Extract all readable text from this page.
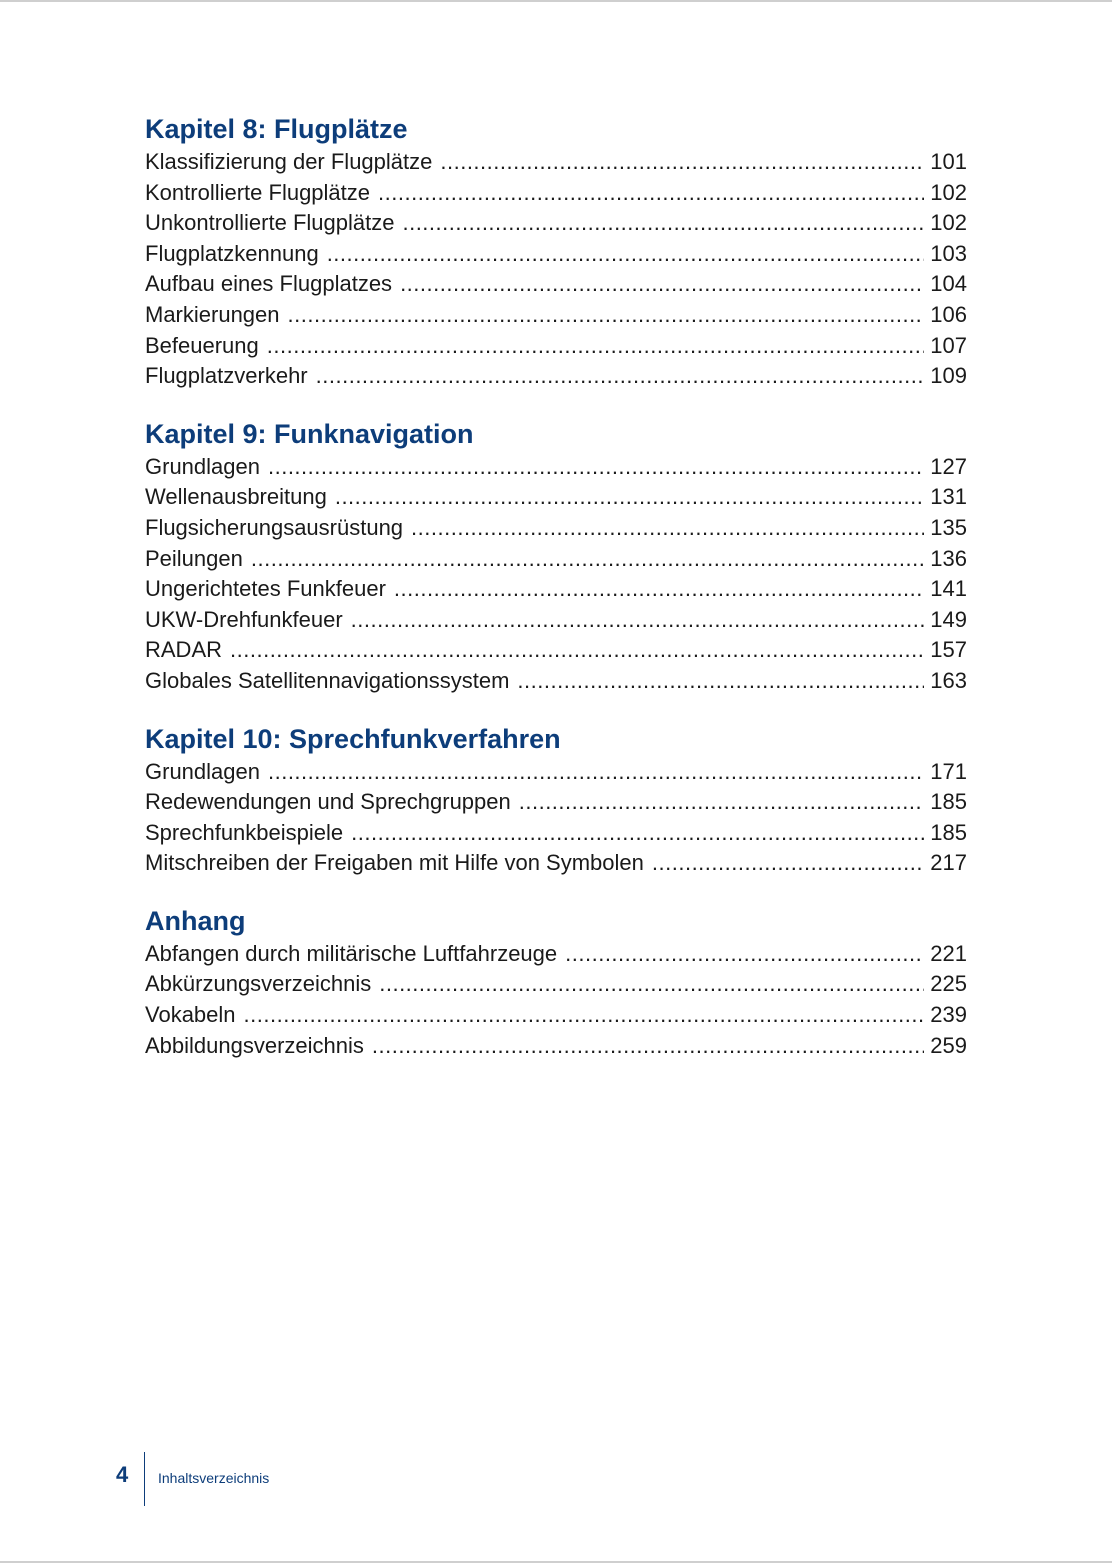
Kapitel 8: Flugplätze
Klassifizierung der Flugplätze .....	101
Kontrollierte Flugplätze .....	102
Unkontrollierte Flugplätze .....	102
Flugplatzkennung .....	103
Aufbau eines Flugplatzes .....	104
Markierungen .....	106
Befeuerung .....	107
Flugplatzverkehr .....	109
Kapitel 9: Funknavigation
Grundlagen .....	127
Wellenausbreitung .....	131
Flugsicherungsausrüstung .....	135
Peilungen .....	136
Ungerichtetes Funkfeuer .....	141
UKW-Drehfunkfeuer .....	149
RADAR .....	157
Globales Satellitennavigationssystem .....	163
Kapitel 10: Sprechfunkverfahren
Grundlagen .....	171
Redewendungen und Sprechgruppen .....	185
Sprechfunkbeispiele .....	185
Mitschreiben der Freigaben mit Hilfe von Symbolen .....	217
Anhang
Abfangen durch militärische Luftfahrzeuge .....	221
Abkürzungsverzeichnis .....	225
Vokabeln .....	239
Abbildungsverzeichnis .....	259
4 Inhaltsverzeichnis
